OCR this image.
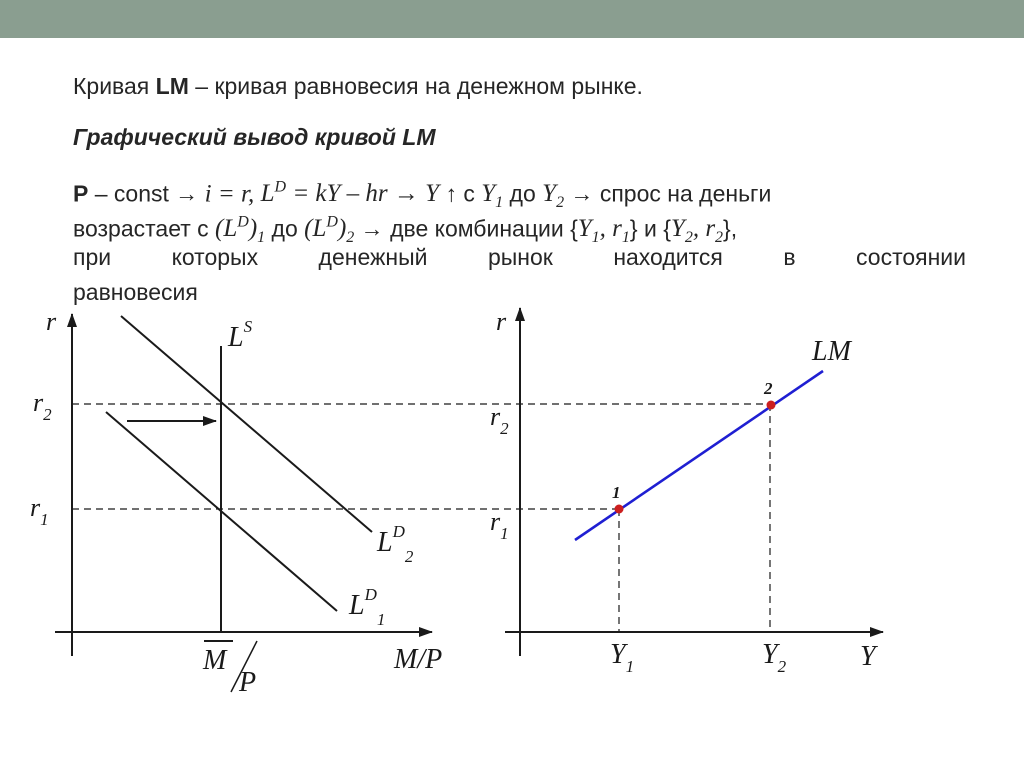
Кривая LM – кривая равновесия на денежном рынке.
Графический вывод кривой LM
P – const → i = r, $L^D$ = kY – hr → Y ↑ с $Y_1$ до $Y_2$ → спрос на деньги
возрастает с $(L^D)_1$ до $(L^D)_2$ → две комбинации {$Y_1$, $r_1$} и {$Y_2$, $r_2$},
при которых денежный рынок находится в состоянии
равновесия
r
M/P
$L^S$
$L^D_2$
$L^D_1$
$r_2$
$r_1$
M
P
r
Y
LM
1
2
$r_2$
$r_1$
$Y_1$	$Y_2$
